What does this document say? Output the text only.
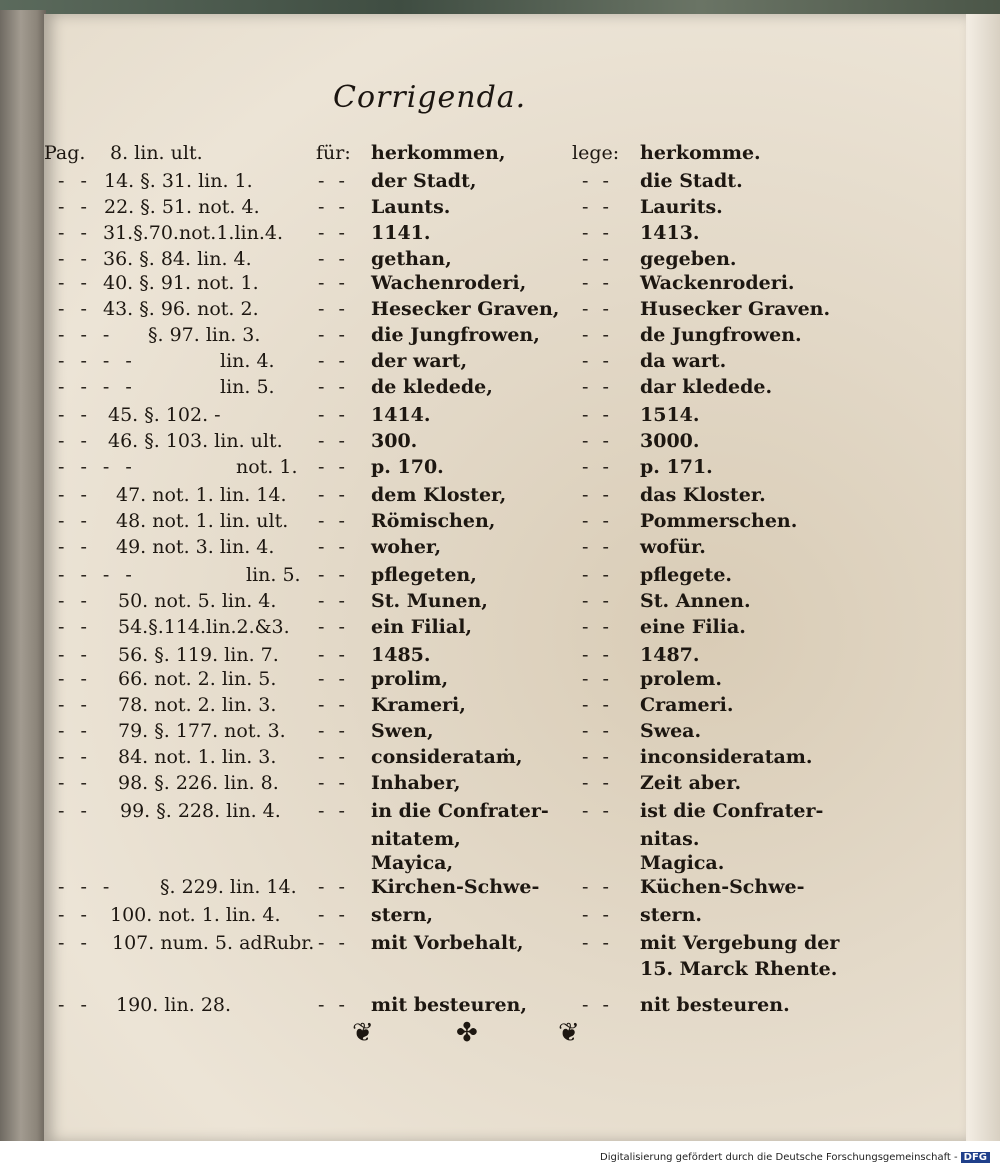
Corrigenda.
Pag.	für:	lege:
8. lin. ult.	herkommen,	herkomme.
- -	- -	- -
14. §. 31. lin. 1.	der Stadt,	die Stadt.
- -	- -	- -
22. §. 51. not. 4.	Launts.	Laurits.
- -	- -	- -
31.§.70.not.1.lin.4.	1141.	1413.
- -	- -	- -
36. §. 84. lin. 4.	gethan,	gegeben.
- -	- -	- -
40. §. 91. not. 1.	Wachenroderi,	Wackenroderi.
- -	- -	- -
43. §. 96. not. 2.	Hesecker Graven,	Husecker Graven.
- - -	- -	- -
§. 97. lin. 3.	die Jungfrowen,	de Jungfrowen.
- - - -	- -	- -
lin. 4.	der wart,	da wart.
- - - -	- -	- -
lin. 5.	de kledede,	dar kledede.
- -	- -	- -
45. §. 102. -	1414.	1514.
- -	- -	- -
46. §. 103. lin. ult.	300.	3000.
- - - -	- -	- -
not. 1.	p. 170.	p. 171.
- -	- -	- -
47. not. 1. lin. 14.	dem Kloster,	das Kloster.
- -	- -	- -
48. not. 1. lin. ult.	Römischen,	Pommerschen.
- -	- -	- -
49. not. 3. lin. 4.	woher,	wofür.
- - - -	- -	- -
lin. 5.	pflegeten,	pflegete.
- -	- -	- -
50. not. 5. lin. 4.	St. Munen,	St. Annen.
- -	- -	- -
54.§.114.lin.2.&3.	ein Filial,	eine Filia.
- -	- -	- -
56. §. 119. lin. 7.	1485.	1487.
- -	- -	- -
66. not. 2. lin. 5.	prolim,	prolem.
- -	- -	- -
78. not. 2. lin. 3.	Krameri,	Crameri.
- -	- -	- -
79. §. 177. not. 3.	Swen,	Swea.
- -	- -	- -
84. not. 1. lin. 3.	considerataṁ,	inconsideratam.
- -	- -	- -
98. §. 226. lin. 8.	Inhaber,	Zeit aber.
- -	- -	- -
99. §. 228. lin. 4.	in die Confrater-	ist die Confrater-
nitatem,	nitas.
Mayica,	Magica.
- - -	- -	- -
§. 229. lin. 14.	Kirchen-Schwe-	Küchen-Schwe-
- -	- -	- -
100. not. 1. lin. 4.	stern,	stern.
- -	- -	- -
107. num. 5. adRubr.	mit Vorbehalt,	mit Vergebung der
15. Marck Rhente.
- -	- -	- -
190. lin. 28.	mit besteuren,	nit besteuren.
❦	✤	❦
Digitalisierung gefördert durch die Deutsche Forschungsgemeinschaft - DFG
